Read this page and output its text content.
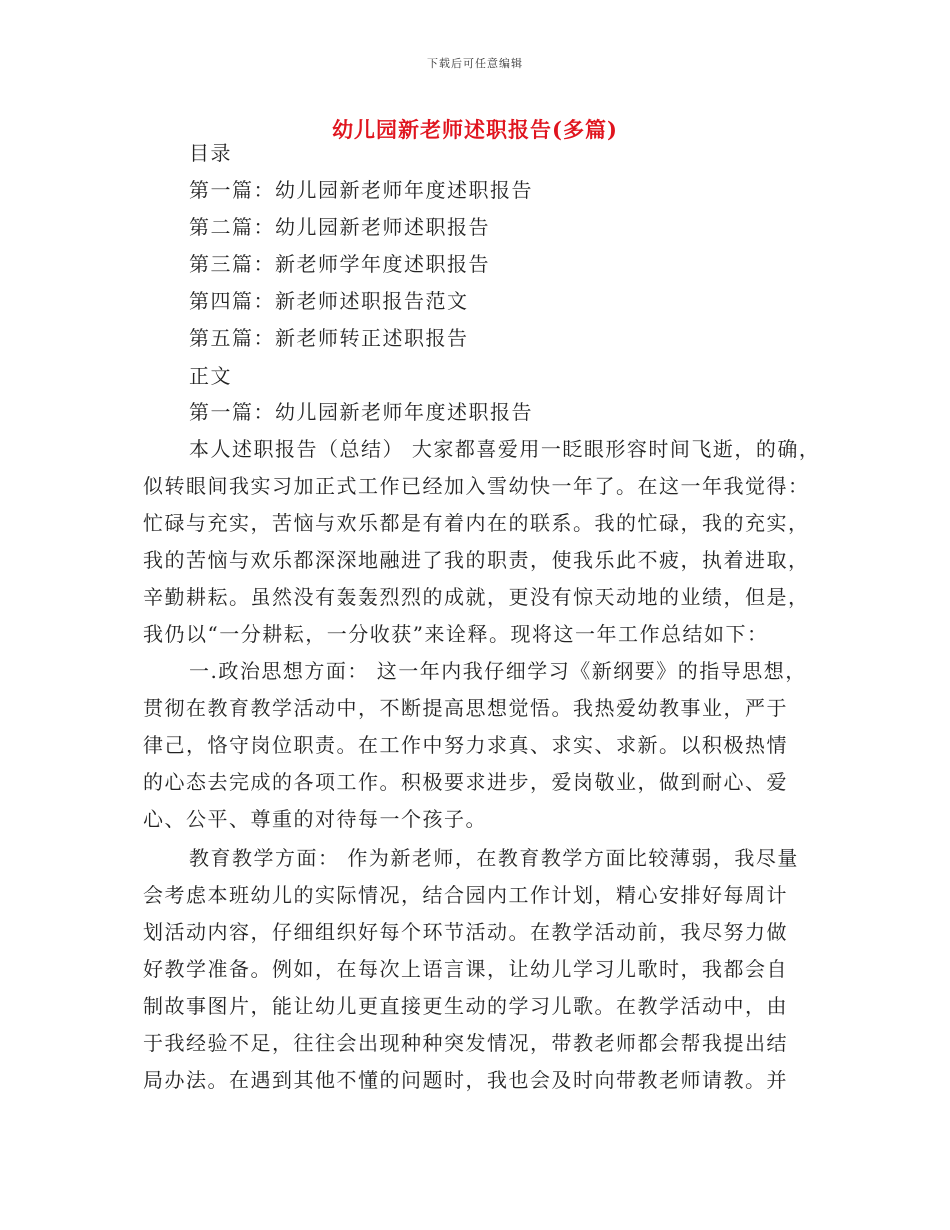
下载后可任意编辑
幼儿园新老师述职报告(多篇)
目录
第一篇：幼儿园新老师年度述职报告
第二篇：幼儿园新老师述职报告
第三篇：新老师学年度述职报告
第四篇：新老师述职报告范文
第五篇：新老师转正述职报告
正文
第一篇：幼儿园新老师年度述职报告
本人述职报告（总结） 大家都喜爱用一眨眼形容时间飞逝，的确，
似转眼间我实习加正式工作已经加入雪幼快一年了。在这一年我觉得：
忙碌与充实，苦恼与欢乐都是有着内在的联系。我的忙碌，我的充实，
我的苦恼与欢乐都深深地融进了我的职责，使我乐此不疲，执着进取，
辛勤耕耘。虽然没有轰轰烈烈的成就，更没有惊天动地的业绩，但是，
我仍以“一分耕耘，一分收获”来诠释。现将这一年工作总结如下：
一.政治思想方面： 这一年内我仔细学习《新纲要》的指导思想，
贯彻在教育教学活动中，不断提高思想觉悟。我热爱幼教事业，严于
律己，恪守岗位职责。在工作中努力求真、求实、求新。以积极热情
的心态去完成的各项工作。积极要求进步，爱岗敬业，做到耐心、爱
心、公平、尊重的对待每一个孩子。
教育教学方面： 作为新老师，在教育教学方面比较薄弱，我尽量
会考虑本班幼儿的实际情况，结合园内工作计划，精心安排好每周计
划活动内容，仔细组织好每个环节活动。在教学活动前，我尽努力做
好教学准备。例如，在每次上语言课，让幼儿学习儿歌时，我都会自
制故事图片，能让幼儿更直接更生动的学习儿歌。在教学活动中，由
于我经验不足，往往会出现种种突发情况，带教老师都会帮我提出结
局办法。在遇到其他不懂的问题时，我也会及时向带教老师请教。并
